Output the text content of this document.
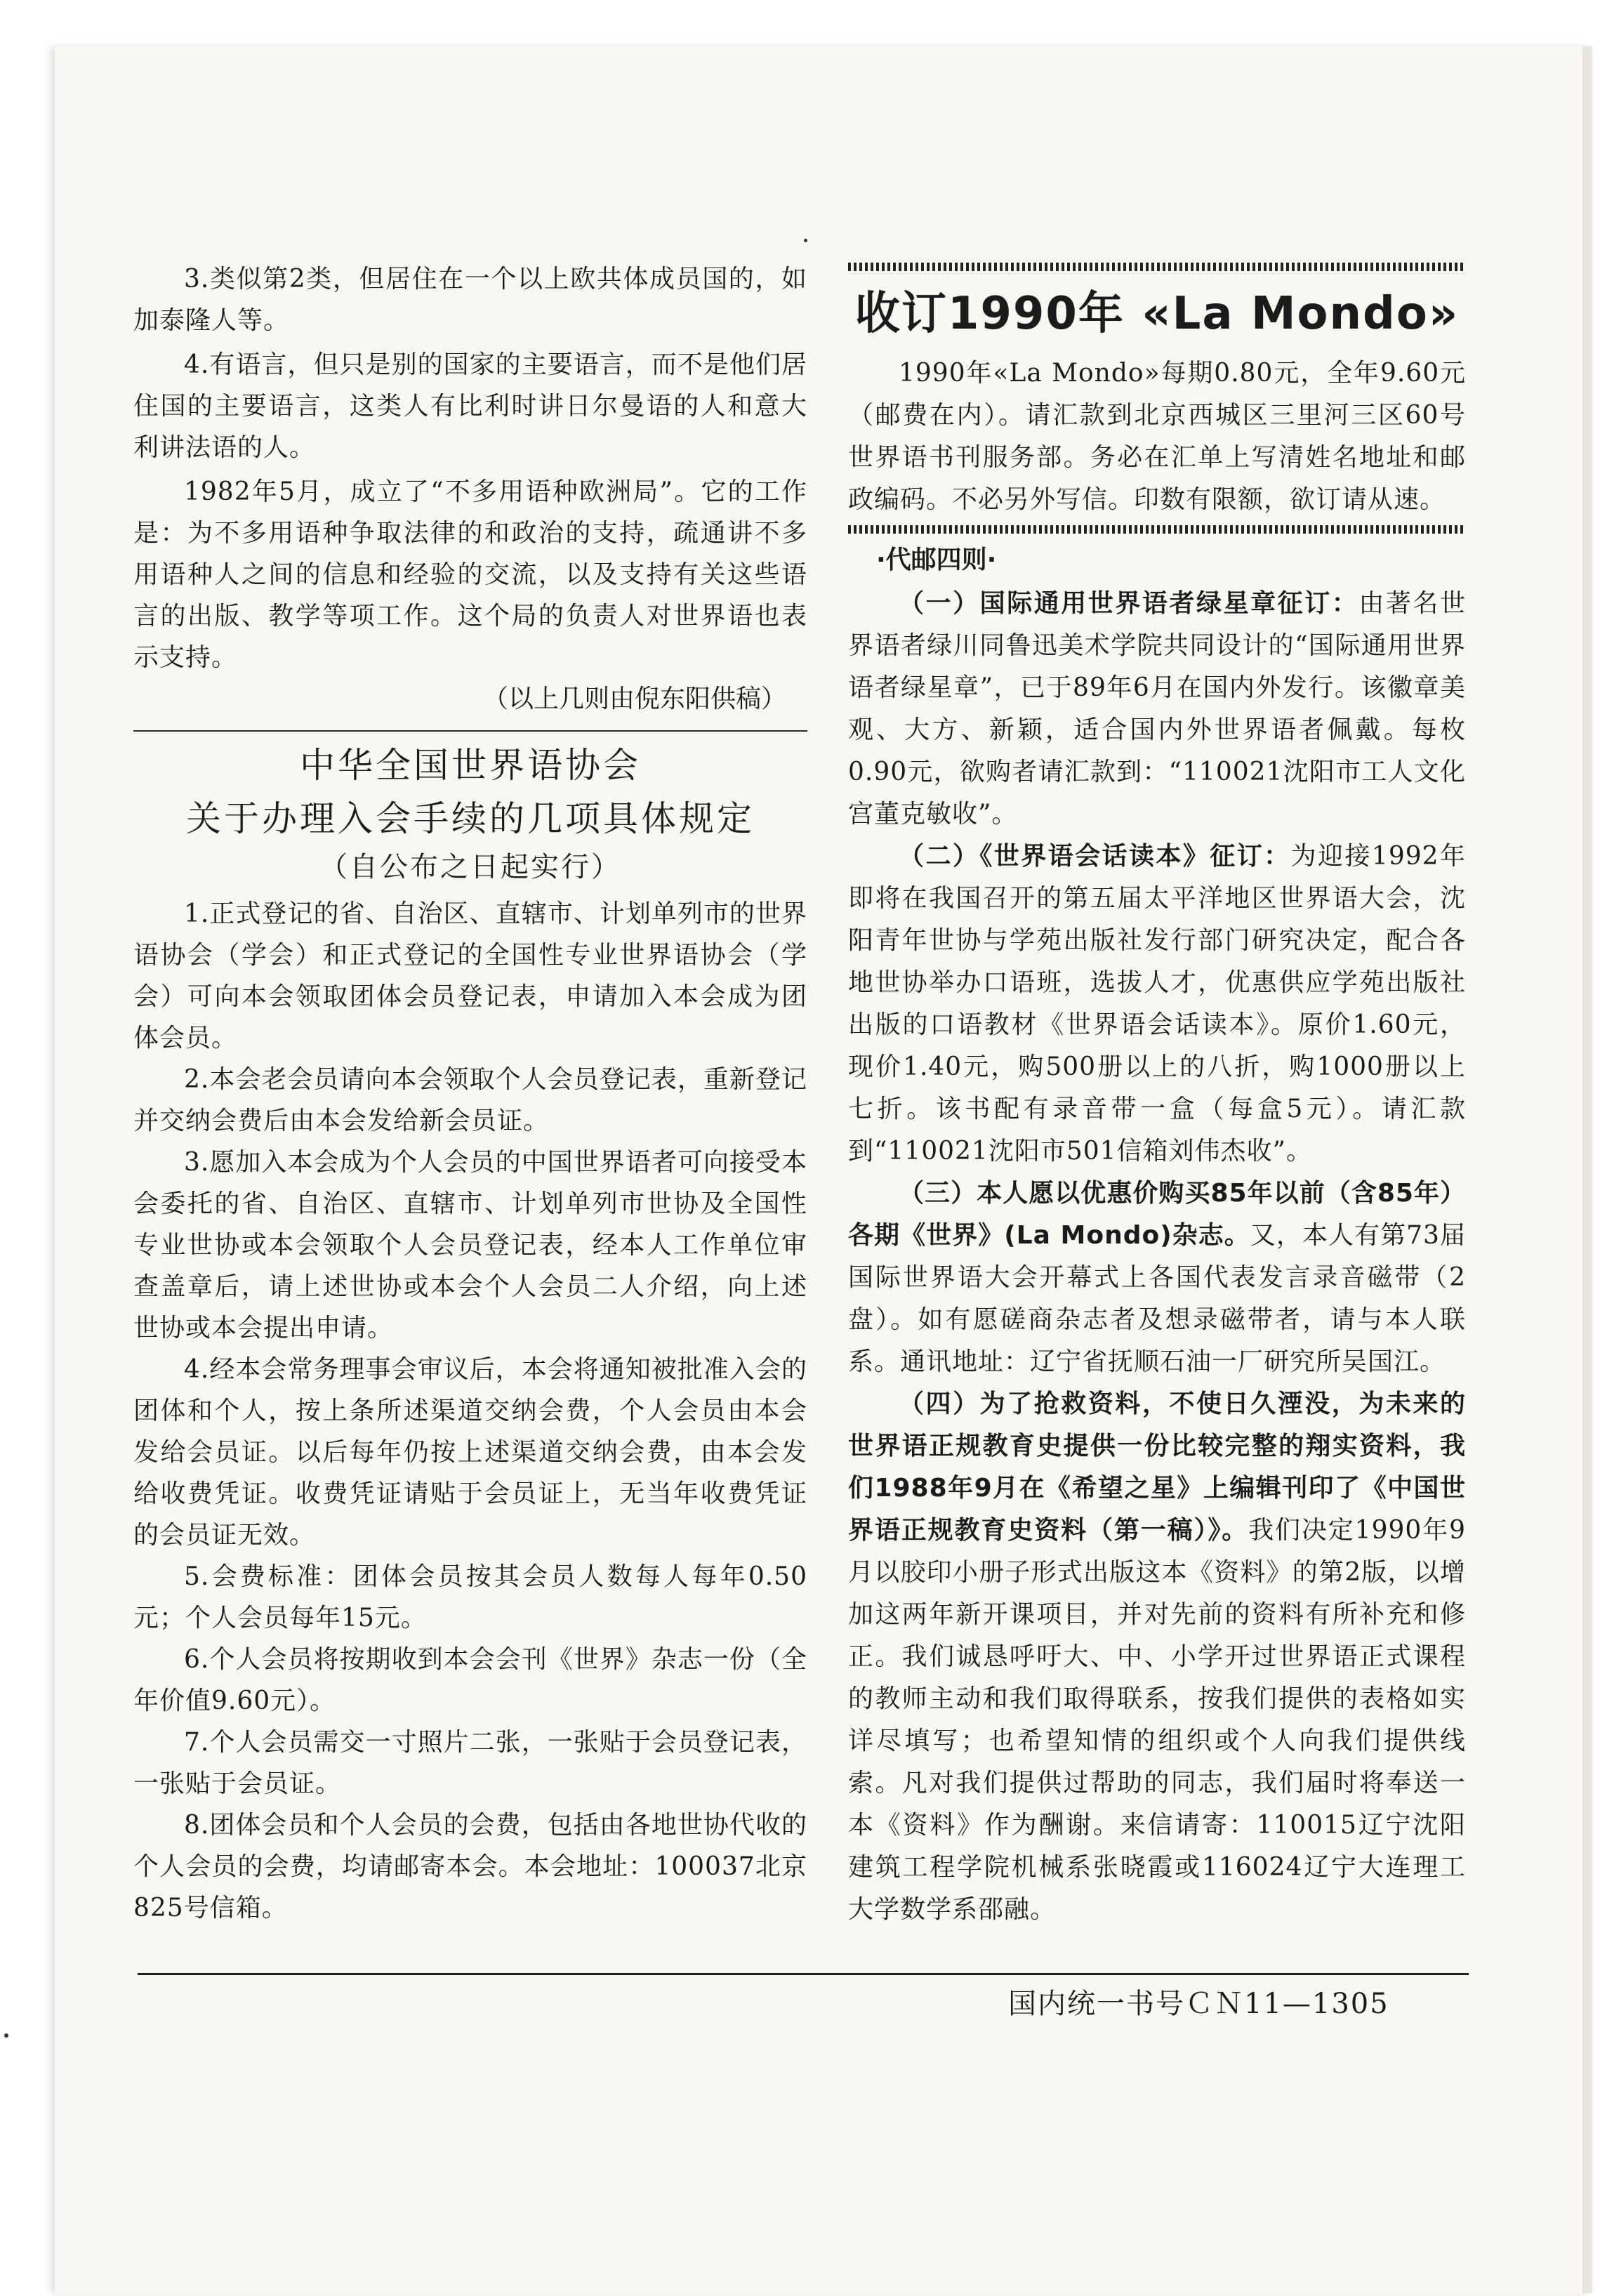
3.类似第2类，但居住在一个以上欧共体成员国的，如加泰隆人等。

4.有语言，但只是别的国家的主要语言，而不是他们居住国的主要语言，这类人有比利时讲日尔曼语的人和意大利讲法语的人。

1982年5月，成立了“不多用语种欧洲局”。它的工作是：为不多用语种争取法律的和政治的支持，疏通讲不多用语种人之间的信息和经验的交流，以及支持有关这些语言的出版、教学等项工作。这个局的负责人对世界语也表示支持。

（以上几则由倪东阳供稿）

中华全国世界语协会

关于办理入会手续的几项具体规定

（自公布之日起实行）

1.正式登记的省、自治区、直辖市、计划单列市的世界语协会（学会）和正式登记的全国性专业世界语协会（学会）可向本会领取团体会员登记表，申请加入本会成为团体会员。

2.本会老会员请向本会领取个人会员登记表，重新登记并交纳会费后由本会发给新会员证。

3.愿加入本会成为个人会员的中国世界语者可向接受本会委托的省、自治区、直辖市、计划单列市世协及全国性专业世协或本会领取个人会员登记表，经本人工作单位审查盖章后，请上述世协或本会个人会员二人介绍，向上述世协或本会提出申请。

4.经本会常务理事会审议后，本会将通知被批准入会的团体和个人，按上条所述渠道交纳会费，个人会员由本会发给会员证。以后每年仍按上述渠道交纳会费，由本会发给收费凭证。收费凭证请贴于会员证上，无当年收费凭证的会员证无效。

5.会费标准：团体会员按其会员人数每人每年0.50元；个人会员每年15元。

6.个人会员将按期收到本会会刊《世界》杂志一份（全年价值9.60元）。

7.个人会员需交一寸照片二张，一张贴于会员登记表，一张贴于会员证。

8.团体会员和个人会员的会费，包括由各地世协代收的个人会员的会费，均请邮寄本会。本会地址：100037北京825号信箱。

收订1990年 «La Mondo»

1990年«La Mondo»每期0.80元，全年9.60元（邮费在内）。请汇款到北京西城区三里河三区60号世界语书刊服务部。务必在汇单上写清姓名地址和邮政编码。不必另外写信。印数有限额，欲订请从速。

·代邮四则·

（一）国际通用世界语者绿星章征订：由著名世界语者绿川同鲁迅美术学院共同设计的“国际通用世界语者绿星章”，已于89年6月在国内外发行。该徽章美观、大方、新颖，适合国内外世界语者佩戴。每枚0.90元，欲购者请汇款到：“110021沈阳市工人文化宫董克敏收”。

（二）《世界语会话读本》征订：为迎接1992年即将在我国召开的第五届太平洋地区世界语大会，沈阳青年世协与学苑出版社发行部门研究决定，配合各地世协举办口语班，选拔人才，优惠供应学苑出版社出版的口语教材《世界语会话读本》。原价1.60元，现价1.40元，购500册以上的八折，购1000册以上七折。该书配有录音带一盒（每盒5元）。请汇款到“110021沈阳市501信箱刘伟杰收”。

（三）本人愿以优惠价购买85年以前（含85年）各期《世界》(La Mondo)杂志。又，本人有第73届国际世界语大会开幕式上各国代表发言录音磁带（2盘）。如有愿磋商杂志者及想录磁带者，请与本人联系。通讯地址：辽宁省抚顺石油一厂研究所吴国江。

（四）为了抢救资料，不使日久湮没，为未来的世界语正规教育史提供一份比较完整的翔实资料，我们1988年9月在《希望之星》上编辑刊印了《中国世界语正规教育史资料（第一稿）》。我们决定1990年9月以胶印小册子形式出版这本《资料》的第2版，以增加这两年新开课项目，并对先前的资料有所补充和修正。我们诚恳呼吁大、中、小学开过世界语正式课程的教师主动和我们取得联系，按我们提供的表格如实详尽填写；也希望知情的组织或个人向我们提供线索。凡对我们提供过帮助的同志，我们届时将奉送一本《资料》作为酬谢。来信请寄：110015辽宁沈阳建筑工程学院机械系张晓霞或116024辽宁大连理工大学数学系邵融。

国内统一书号ＣＮ11—1305
